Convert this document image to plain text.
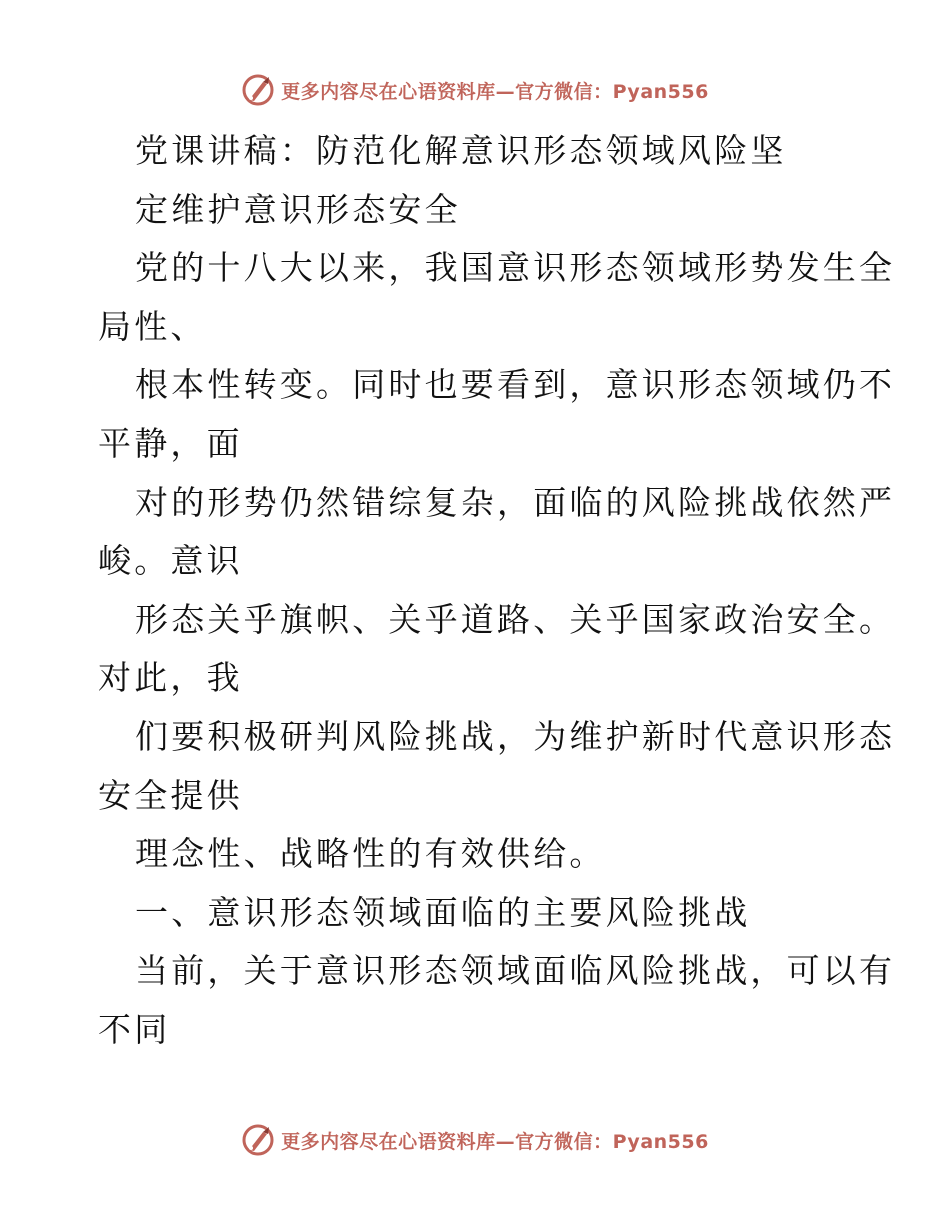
更多内容尽在心语资料库—官方微信：Pyan556
党课讲稿：防范化解意识形态领域风险坚
定维护意识形态安全
党的十八大以来，我国意识形态领域形势发生全
局性、
根本性转变。同时也要看到，意识形态领域仍不
平静，面
对的形势仍然错综复杂，面临的风险挑战依然严
峻。意识
形态关乎旗帜、关乎道路、关乎国家政治安全。
对此，我
们要积极研判风险挑战，为维护新时代意识形态
安全提供
理念性、战略性的有效供给。
一、意识形态领域面临的主要风险挑战
当前，关于意识形态领域面临风险挑战，可以有
不同
更多内容尽在心语资料库—官方微信：Pyan556
